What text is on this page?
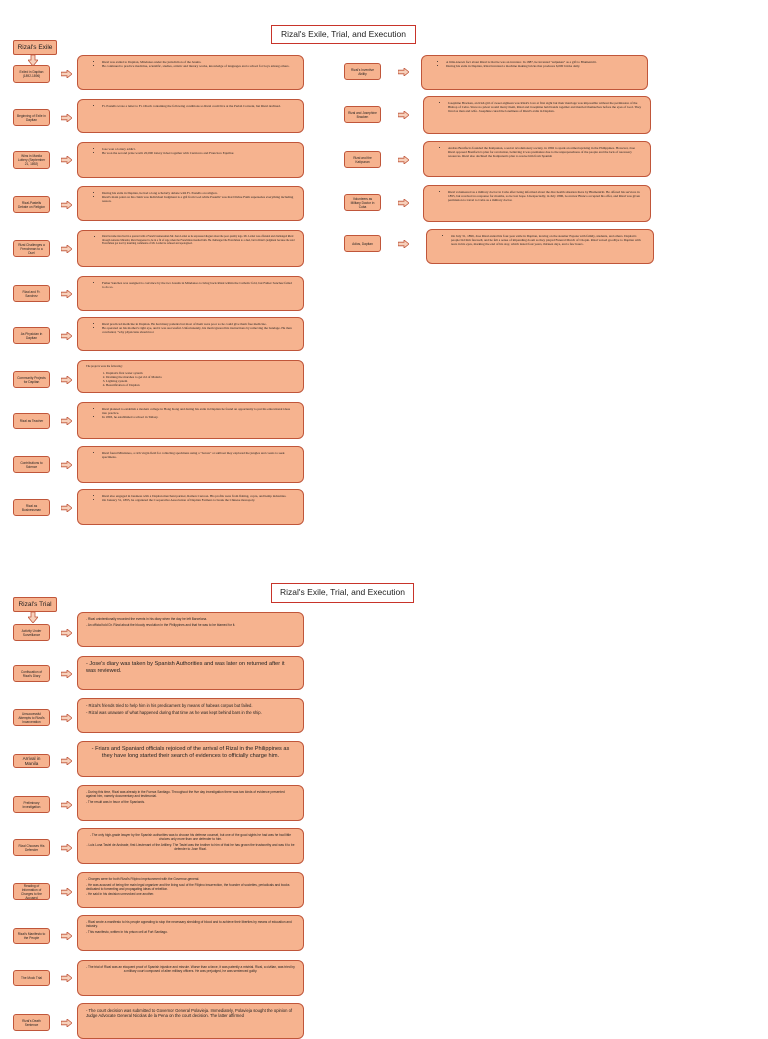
Rizal's Exile, Trial, and Execution
Rizal's Exile
Exiled in Dapitan (1892-1896)
• Rizal was exiled to Dapitan, Mindanao under the jurisdiction of the Jesuits.
• He continued to practice medicine, scientific, studies, artistic and literary works, knowledge of languages and a school for boys among others.
Beginning of Exile in Dapitan
• Fr. Pastells wrote a letter to Fr. Obach containing the following conditions so Rizal could live at the Parish Convent, but Rizal declined.
Wins in Manila Lottery (September 21, 1892)
• Jose won a lottery addict.
• He won the second prize worth 20,000 lottery ticket together with Carnicero and Francisco Equilior.
Rizal-Pastells Debate on Religion
• During his exile in Dapitan, he had a long scholarly debate with Fr. Pastells on religion.
• Rizal's main point on his claim was Individual Judgment is a gift from God while Pastells' was that Divine Faith supersedes everything including reason.
Rizal Challenges a Frenchman to a Duel
• Rizal became involved in a quarrel with a French businessman Mr. Juan Lardet as he expressed disgust about the poor quality logs. Mr. Lardet was offended and challenged Rizal through Antonio Miranda; Rizal happened to be in a fit of rage when the Frenchman insulted him. He challenged the Frenchman to a duel, but in Rizal's judgment because the said Frenchman got lost by insulting comments of Mr. Lardet he refused and apologized.
Rizal and Fr. Sanchez
• Father Sanchez was assigned to convince by the two Jesuits in Mindanao to bring back Rizal within the Catholic fold, but Father Sanchez failed to do so.
As Physician in Dapitan
• Rizal practiced medicine in Dapitan. He had many patients but most of them were poor so he could give them free medicine.
• He operated on his mother's right eye, and it was successful. Unfortunately, his mom ignored his instructions by removing the bandage. He then concluded, "why physicians should not
Community Projects for Dapitan

The projects were the following:

1. Dapitan's first water system
2. Draining the marshes to get rid of Malaria
3. Lighting system
4. Beautification of Dapitan
Rizal as Teacher
• Rizal planned to establish a modern college in Hong Kong and during his exile in Dapitan he found an opportunity to put his educational ideas into practice.
• In 1893, he established a school in Talisay.
Contributions to Science
• Rizal found Mindanao, a rich virgin field for collecting specimens using a "barota" or sailboat they explored the jungles and coasts to seek specimens.
Rizal as Businessman
• Rizal also engaged in business with a Dapitan merchant partner, Ramon Carreon. His profits were from fishing, copra, and hemp industries.
• On January 31, 1895, he organized the Cooperative Association of Dapitan Farmers to break the Chinese monopoly.
Rizal's Inventive Ability
• A little-known fact about Rizal is that he was an inventor. In 1887, he invented "sulpukan" as a gift to Blumentritt.
• During his exile in Dapitan, Rizal invented a machine making bricks that produces 6,000 bricks daily.
Rizal and Josephine Bracken
• Josephine Bracken, an Irish girl of sweet eighteen was Rizal's love at first sight but their marriage was impossible without the permission of the Bishop of Cebu. Since no priest would marry them, Rizal and Josephine held hands together and married themselves before the eyes of God. They lived as man and wife. Josephine cured the loneliness of Rizal's exile in Dapitan.
Rizal and the Katipunan
• Andres Bonifacio founded the Katipunan, a secret revolutionary society, in 1892 to spark an armed uprising in the Philippines. However, Jose Rizal opposed Bonifacio's plan for revolution, believing it was premature due to the unpreparedness of the people and the lack of necessary resources. Rizal also declined the Katipunan's plan to rescue him from Spanish
Volunteers as Military Doctor in Cuba
• Rizal volunteered as a military doctor in Cuba after being informed about the dire health situation there by Blumentritt. He offered his services in 1895, but received no response for months, so he lost hope. Unexpectedly, in July 1896, Governor Blanco accepted his offer, and Rizal was given permission to travel to Cuba as a military doctor.
Adios, Dapitan
• On July 31, 1896, Jose Rizal ended his four-year exile in Dapitan, leaving on the steamer Espana with family, students, and others. Dapitan's people bid him farewell, and he felt a sense of impending doom as they played Funeral March of Chopin. Rizal waved goodbye to Dapitan with tears in his eyes, marking the end of his stay, which lasted four years, thirteen days, and a few hours.
Rizal's Exile, Trial, and Execution
Rizal's Trial
Activity Under Surveillance

- Rizal unintentionally recorded the events in his diary when the day he left Barcelona.

- An official told Dr. Rizal about the bloody revolution in the Philippines and that he was to be blamed for it.

Confiscation of Rizal's Diary

- Jose's diary was taken by Spanish Authorities and was later on returned after it was reviewed.

Unsuccessful Attempts to Rizal's Incarceration

- Rizal's friends tried to help him in his predicament by means of habeas corpus but failed.

- Rizal was unaware of what happened during that time as he was kept behind bars in the ship.

Arrival in Manila

- Friars and Spaniard officials rejoiced of the arrival of Rizal in the Philippines as they have long started their search of evidences to officially charge him.

Preliminary Investigation

- During this time, Rizal was already in the Fuerza Santiago. Throughout the five day investigation there was two kinds of evidence presented against him, namely documentary and testimonial.

- The result was in favor of the Spaniards.

Rizal Chooses His Defender

- The only high-grade lawyer by the Spanish authorities was to choose his defense counsel, but one of the good sights he had was he had little choices only more than one defender to him.

- Luis Luna Taviel de Andrade, first Lieutenant of the Artillery. The Taviel was the brother to him of that he has grown the trustworthy and was it to be defender to Jose Rizal.

Reading of Information of Charges to the Accused

- Charges were for both Rizal's Filipino imprisonment with the Governor-general.

- He was accused of being the main legal organizer and the living soul of the Filipino insurrection, the founder of societies, periodicals and books dedicated to fomenting and propagating ideas of rebellion.

- He said in his decision unrevoked one another.

Rizal's Manifesto to the People

- Rizal wrote a manifesto to his people appealing to stop the necessary shedding of blood and to achieve their liberties by means of education and industry.

- This manifesto, written in his prison cell at Fort Santiago.

The Mock Trial

- The trial of Rizal was an eloquent proof of Spanish injustice and misrule. Worse than a farce, it was patently a mistrial. Rizal, a civilian, was tried by a military court composed of alien military officers. He was prejudged, he was sentenced guilty.

Rizal's Death Sentence

- The court decision was submitted to Governor General Polavieja. Immediately, Polavieja sought the opinion of Judge Advocate General Nicolas de la Pena on the court decision. The latter affirmed
